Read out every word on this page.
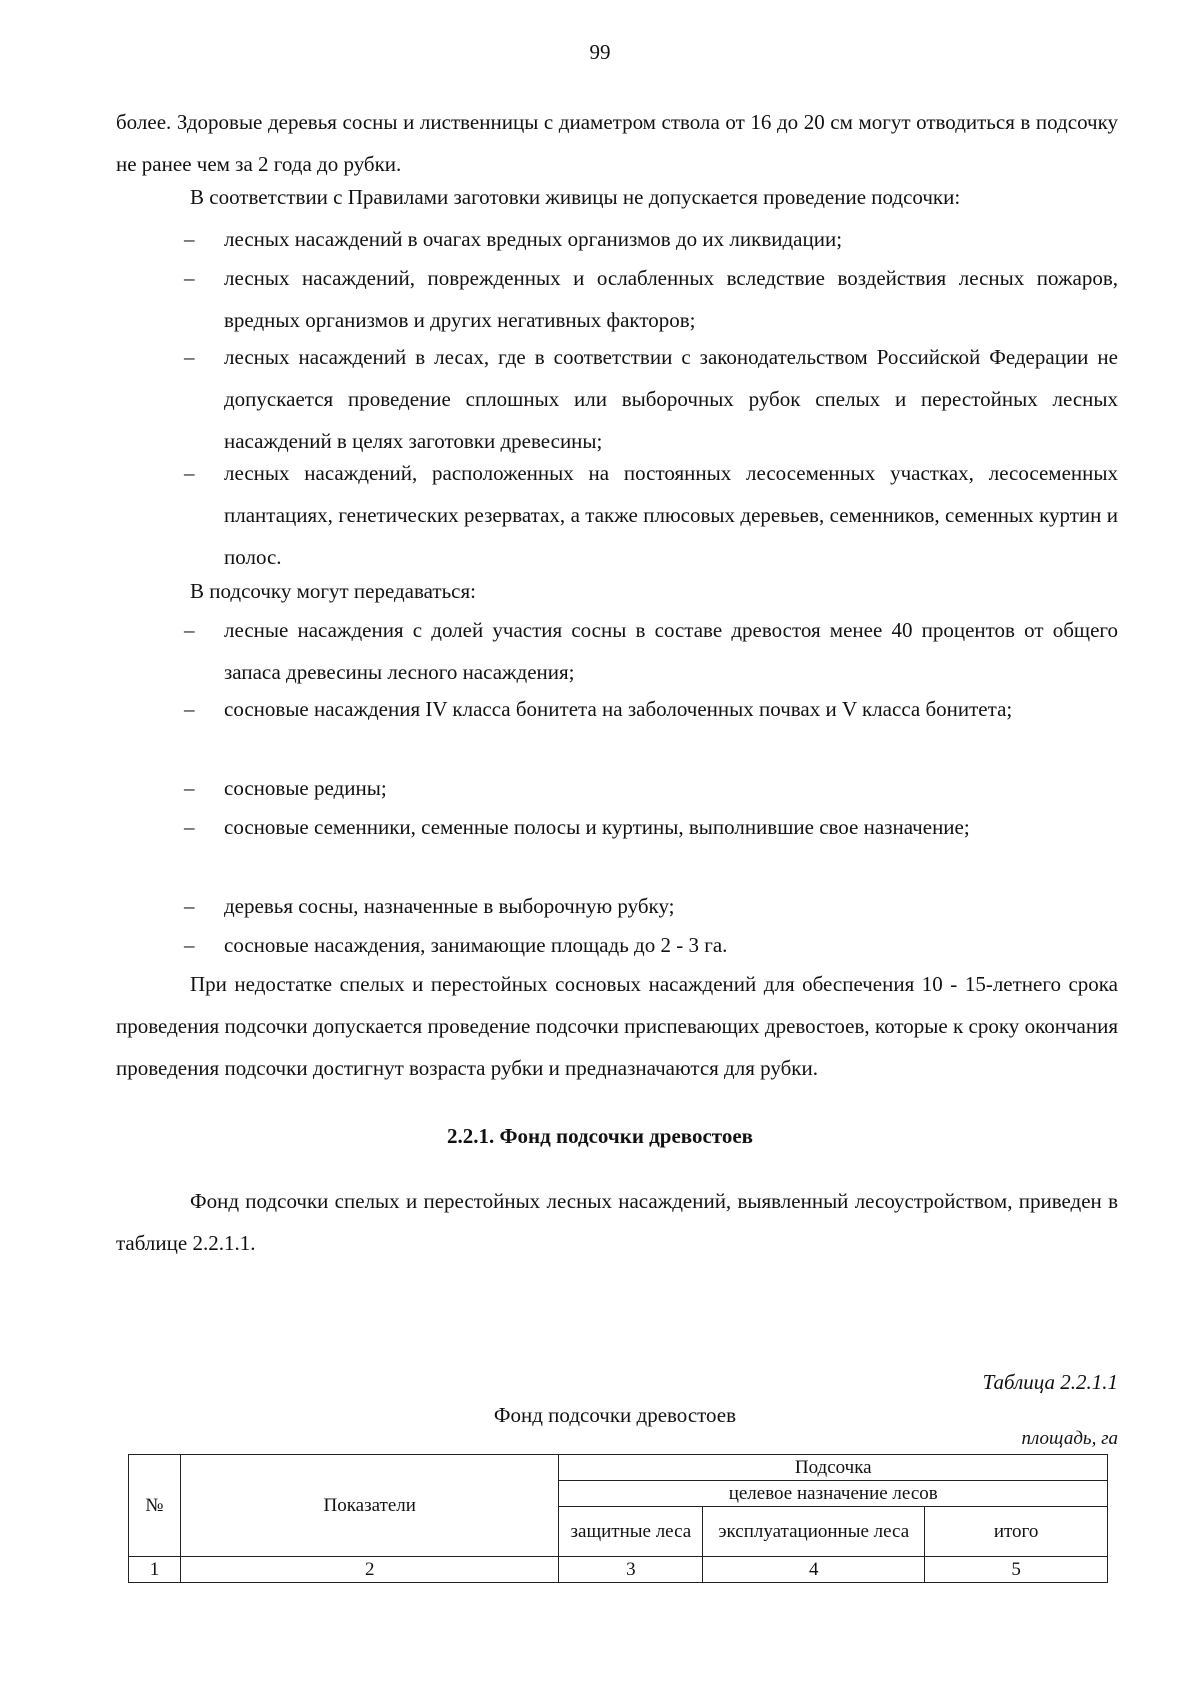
99

более. Здоровые деревья сосны и лиственницы с диаметром ствола от 16 до 20 см могут отводиться в подсочку не ранее чем за 2 года до рубки.

В соответствии с Правилами заготовки живицы не допускается проведение подсочки:

– лесных насаждений в очагах вредных организмов до их ликвидации;

– лесных насаждений, поврежденных и ослабленных вследствие воздействия лесных пожаров, вредных организмов и других негативных факторов;

– лесных насаждений в лесах, где в соответствии с законодательством Российской Федерации не допускается проведение сплошных или выборочных рубок спелых и перестойных лесных насаждений в целях заготовки древесины;

– лесных насаждений, расположенных на постоянных лесосеменных участках, лесосеменных плантациях, генетических резерватах, а также плюсовых деревьев, семенников, семенных куртин и полос.

В подсочку могут передаваться:

– лесные насаждения с долей участия сосны в составе древостоя менее 40 процентов от общего запаса древесины лесного насаждения;

– сосновые насаждения IV класса бонитета на заболоченных почвах и V класса бонитета;

– сосновые редины;

– сосновые семенники, семенные полосы и куртины, выполнившие свое назначение;

– деревья сосны, назначенные в выборочную рубку;

– сосновые насаждения, занимающие площадь до 2 - 3 га.

При недостатке спелых и перестойных сосновых насаждений для обеспечения 10 - 15-летнего срока проведения подсочки допускается проведение подсочки приспевающих древостоев, которые к сроку окончания проведения подсочки достигнут возраста рубки и предназначаются для рубки.

2.2.1. Фонд подсочки древостоев

Фонд подсочки спелых и перестойных лесных насаждений, выявленный лесоустройством, приведен в таблице 2.2.1.1.

Таблица 2.2.1.1
Фонд подсочки древостоев
площадь, га
№	Показатели	Подсочка		
		целевое назначение лесов		
		защитные леса	эксплуатационные леса	итого
1	2	3	4	5
